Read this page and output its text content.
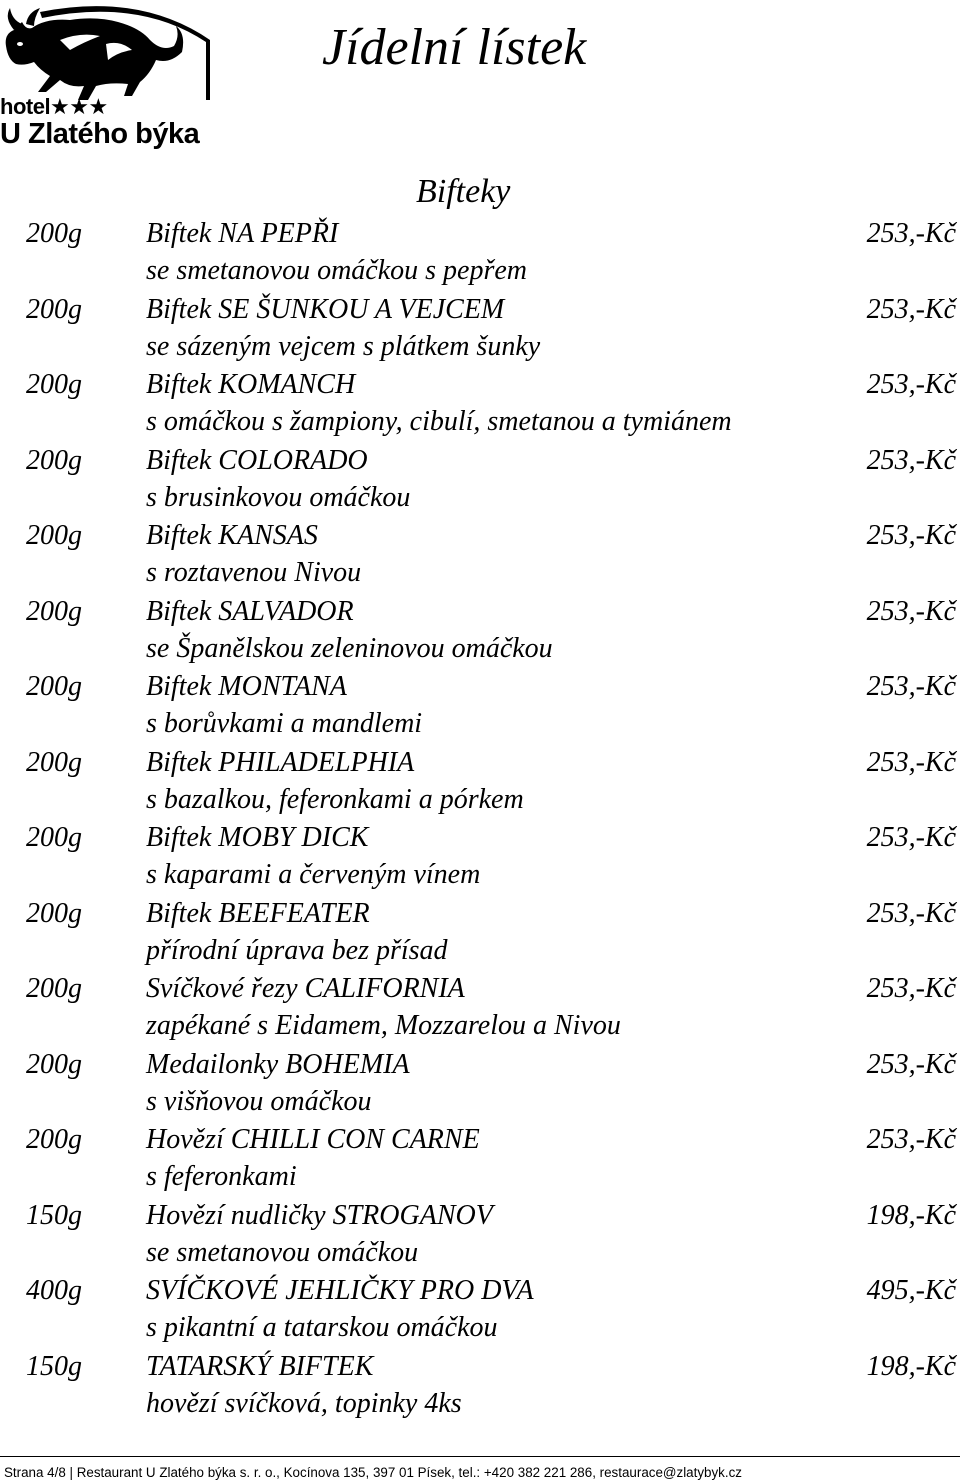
hotel★★★
U Zlatého býka
Jídelní lístek
Bifteky
200g Biftek NA PEPŘI	253,-Kč
se smetanovou omáčkou s pepřem
200g Biftek SE ŠUNKOU A VEJCEM	253,-Kč
se sázeným vejcem s plátkem šunky
200g Biftek KOMANCH	253,-Kč
s omáčkou s žampiony, cibulí, smetanou a tymiánem
200g Biftek COLORADO	253,-Kč
s brusinkovou omáčkou
200g Biftek KANSAS	253,-Kč
s roztavenou Nivou
200g Biftek SALVADOR	253,-Kč
se Španělskou zeleninovou omáčkou
200g Biftek MONTANA	253,-Kč
s borůvkami a mandlemi
200g Biftek PHILADELPHIA	253,-Kč
s bazalkou, feferonkami a pórkem
200g Biftek MOBY DICK	253,-Kč
s kaparami a červeným vínem
200g Biftek BEEFEATER	253,-Kč
přírodní úprava bez přísad
200g Svíčkové řezy CALIFORNIA	253,-Kč
zapékané s Eidamem, Mozzarelou a Nivou
200g Medailonky BOHEMIA	253,-Kč
s višňovou omáčkou
200g Hovězí CHILLI CON CARNE	253,-Kč
s feferonkami
150g Hovězí nudličky STROGANOV	198,-Kč
se smetanovou omáčkou
400g SVÍČKOVÉ JEHLIČKY PRO DVA	495,-Kč
s pikantní a tatarskou omáčkou
150g TATARSKÝ BIFTEK	198,-Kč
hovězí svíčková, topinky 4ks
Strana 4/8 | Restaurant U Zlatého býka s. r. o., Kocínova 135, 397 01 Písek, tel.: +420 382 221 286, restaurace@zlatybyk.cz
